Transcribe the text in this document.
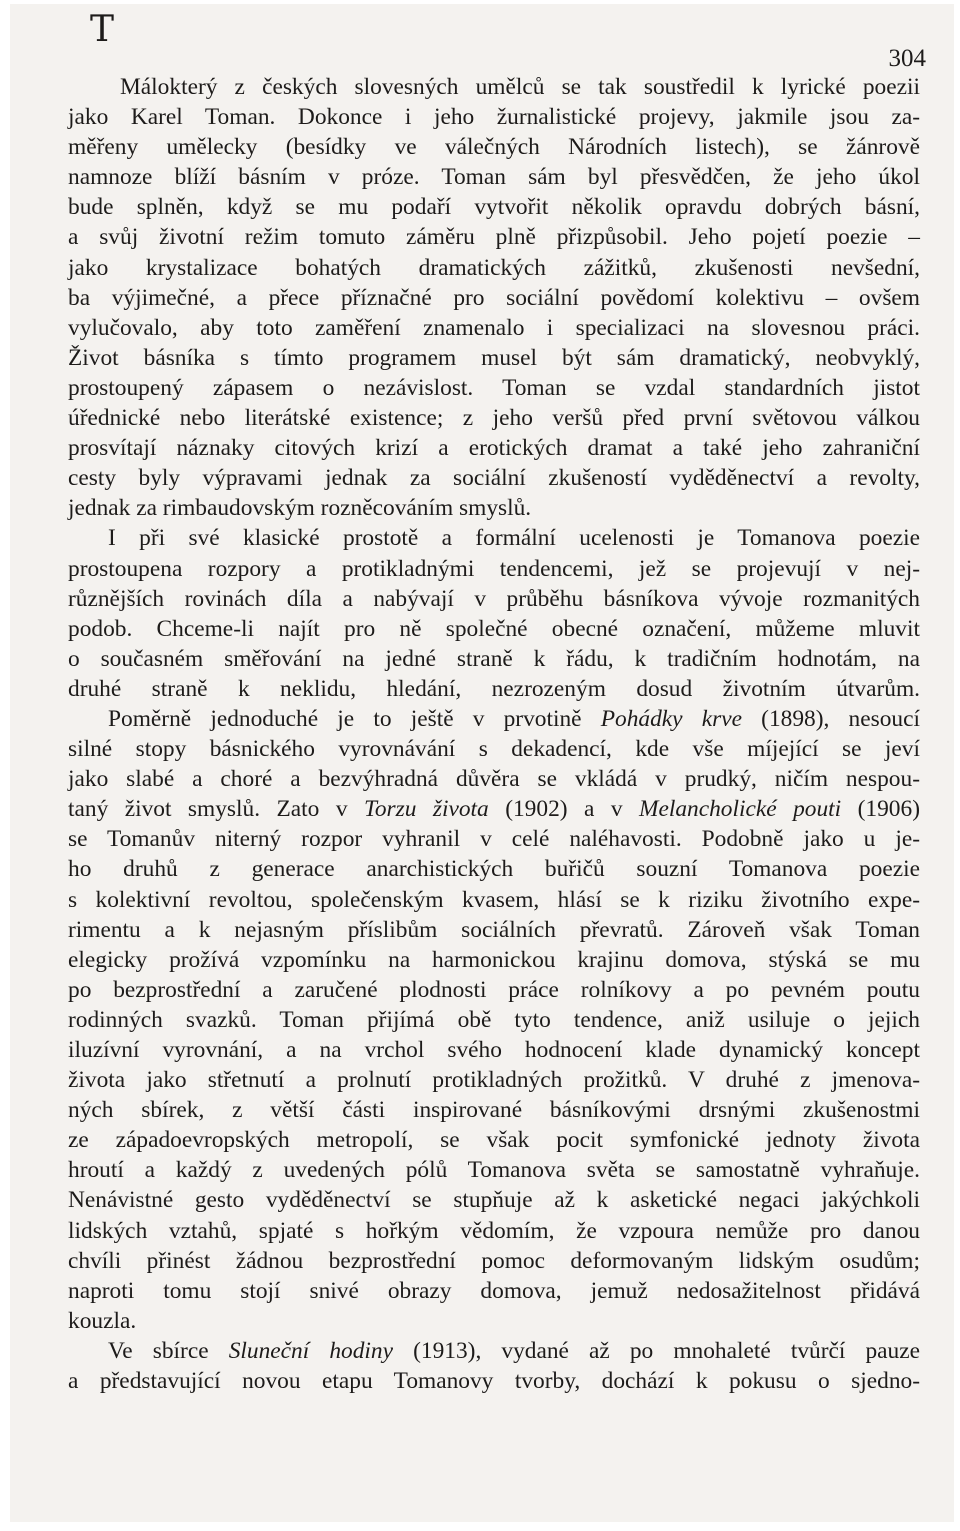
T
304
Málokterý z českých slovesných umělců se tak soustředil k lyrické poezii
jako Karel Toman. Dokonce i jeho žurnalistické projevy, jakmile jsou za-
měřeny umělecky (besídky ve válečných Národních listech), se žánrově
namnoze blíží básním v próze. Toman sám byl přesvědčen, že jeho úkol
bude splněn, když se mu podaří vytvořit několik opravdu dobrých básní,
a svůj životní režim tomuto záměru plně přizpůsobil. Jeho pojetí poezie –
jako krystalizace bohatých dramatických zážitků, zkušenosti nevšední,
ba výjimečné, a přece příznačné pro sociální povědomí kolektivu – ovšem
vylučovalo, aby toto zaměření znamenalo i specializaci na slovesnou práci.
Život básníka s tímto programem musel být sám dramatický, neobvyklý,
prostoupený zápasem o nezávislost. Toman se vzdal standardních jistot
úřednické nebo literátské existence; z jeho veršů před první světovou válkou
prosvítají náznaky citových krizí a erotických dramat a také jeho zahraniční
cesty byly výpravami jednak za sociální zkušeností vyděděnectví a revolty,
jednak za rimbaudovským rozněcováním smyslů.
I při své klasické prostotě a formální ucelenosti je Tomanova poezie
prostoupena rozpory a protikladnými tendencemi, jež se projevují v nej-
různějších rovinách díla a nabývají v průběhu básníkova vývoje rozmanitých
podob. Chceme-li najít pro ně společné obecné označení, můžeme mluvit
o současném směřování na jedné straně k řádu, k tradičním hodnotám, na
druhé straně k neklidu, hledání, nezrozeným dosud životním útvarům.
Poměrně jednoduché je to ještě v prvotině Pohádky krve (1898), nesoucí
silné stopy básnického vyrovnávání s dekadencí, kde vše míjející se jeví
jako slabé a choré a bezvýhradná důvěra se vkládá v prudký, ničím nespou-
taný život smyslů. Zato v Torzu života (1902) a v Melancholické pouti (1906)
se Tomanův niterný rozpor vyhranil v celé naléhavosti. Podobně jako u je-
ho druhů z generace anarchistických buřičů souzní Tomanova poezie
s kolektivní revoltou, společenským kvasem, hlásí se k riziku životního expe-
rimentu a k nejasným příslibům sociálních převratů. Zároveň však Toman
elegicky prožívá vzpomínku na harmonickou krajinu domova, stýská se mu
po bezprostřední a zaručené plodnosti práce rolníkovy a po pevném poutu
rodinných svazků. Toman přijímá obě tyto tendence, aniž usiluje o jejich
iluzívní vyrovnání, a na vrchol svého hodnocení klade dynamický koncept
života jako střetnutí a prolnutí protikladných prožitků. V druhé z jmenova-
ných sbírek, z větší části inspirované básníkovými drsnými zkušenostmi
ze západoevropských metropolí, se však pocit symfonické jednoty života
hroutí a každý z uvedených pólů Tomanova světa se samostatně vyhraňuje.
Nenávistné gesto vyděděnectví se stupňuje až k asketické negaci jakýchkoli
lidských vztahů, spjaté s hořkým vědomím, že vzpoura nemůže pro danou
chvíli přinést žádnou bezprostřední pomoc deformovaným lidským osudům;
naproti tomu stojí snivé obrazy domova, jemuž nedosažitelnost přidává
kouzla.
Ve sbírce Sluneční hodiny (1913), vydané až po mnohaleté tvůrčí pauze
a představující novou etapu Tomanovy tvorby, dochází k pokusu o sjedno-
